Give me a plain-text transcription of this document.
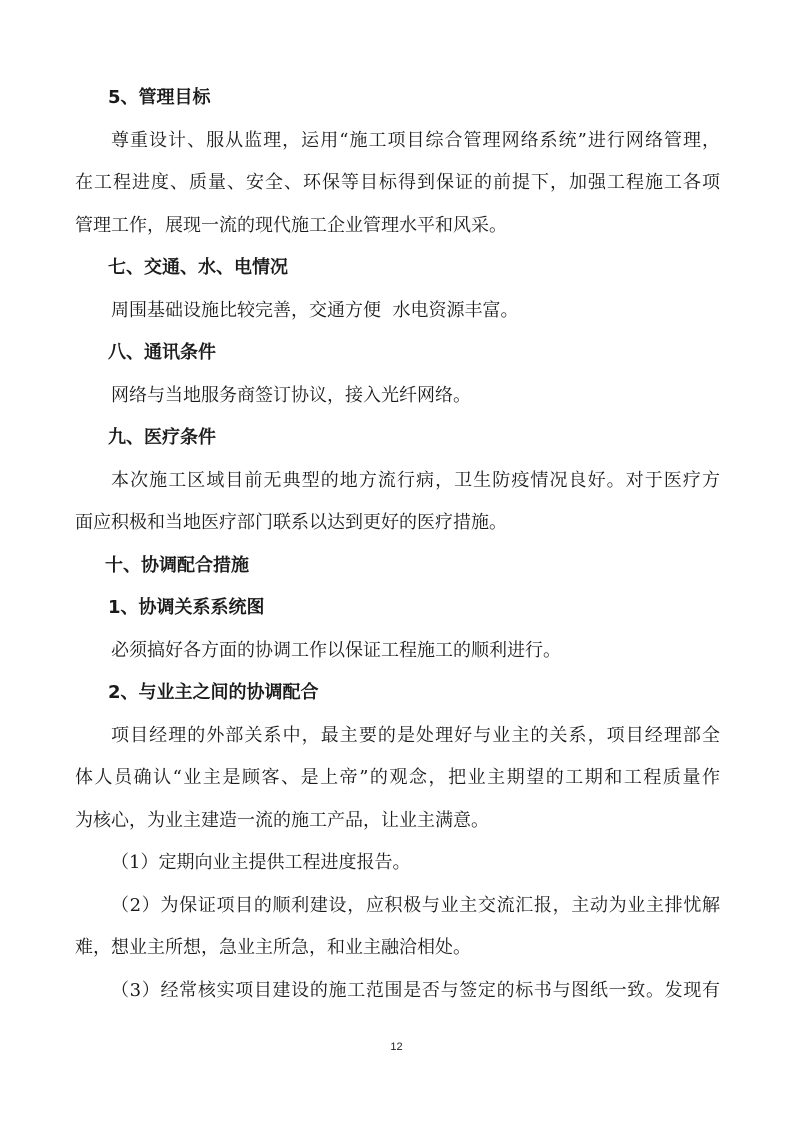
5、管理目标
尊重设计、服从监理，运用“施工项目综合管理网络系统”进行网络管理，
在工程进度、质量、安全、环保等目标得到保证的前提下，加强工程施工各项
管理工作，展现一流的现代施工企业管理水平和风采。
七、交通、水、电情况
周围基础设施比较完善，交通方便  水电资源丰富。
八、通讯条件
网络与当地服务商签订协议，接入光纤网络。
九、医疗条件
本次施工区域目前无典型的地方流行病，卫生防疫情况良好。对于医疗方
面应积极和当地医疗部门联系以达到更好的医疗措施。
十、协调配合措施
1、协调关系系统图
必须搞好各方面的协调工作以保证工程施工的顺利进行。
2、与业主之间的协调配合
项目经理的外部关系中，最主要的是处理好与业主的关系，项目经理部全
体人员确认“业主是顾客、是上帝”的观念，把业主期望的工期和工程质量作
为核心，为业主建造一流的施工产品，让业主满意。
（1）定期向业主提供工程进度报告。
（2）为保证项目的顺利建设，应积极与业主交流汇报，主动为业主排忧解
难，想业主所想，急业主所急，和业主融洽相处。
（3）经常核实项目建设的施工范围是否与签定的标书与图纸一致。发现有
12
